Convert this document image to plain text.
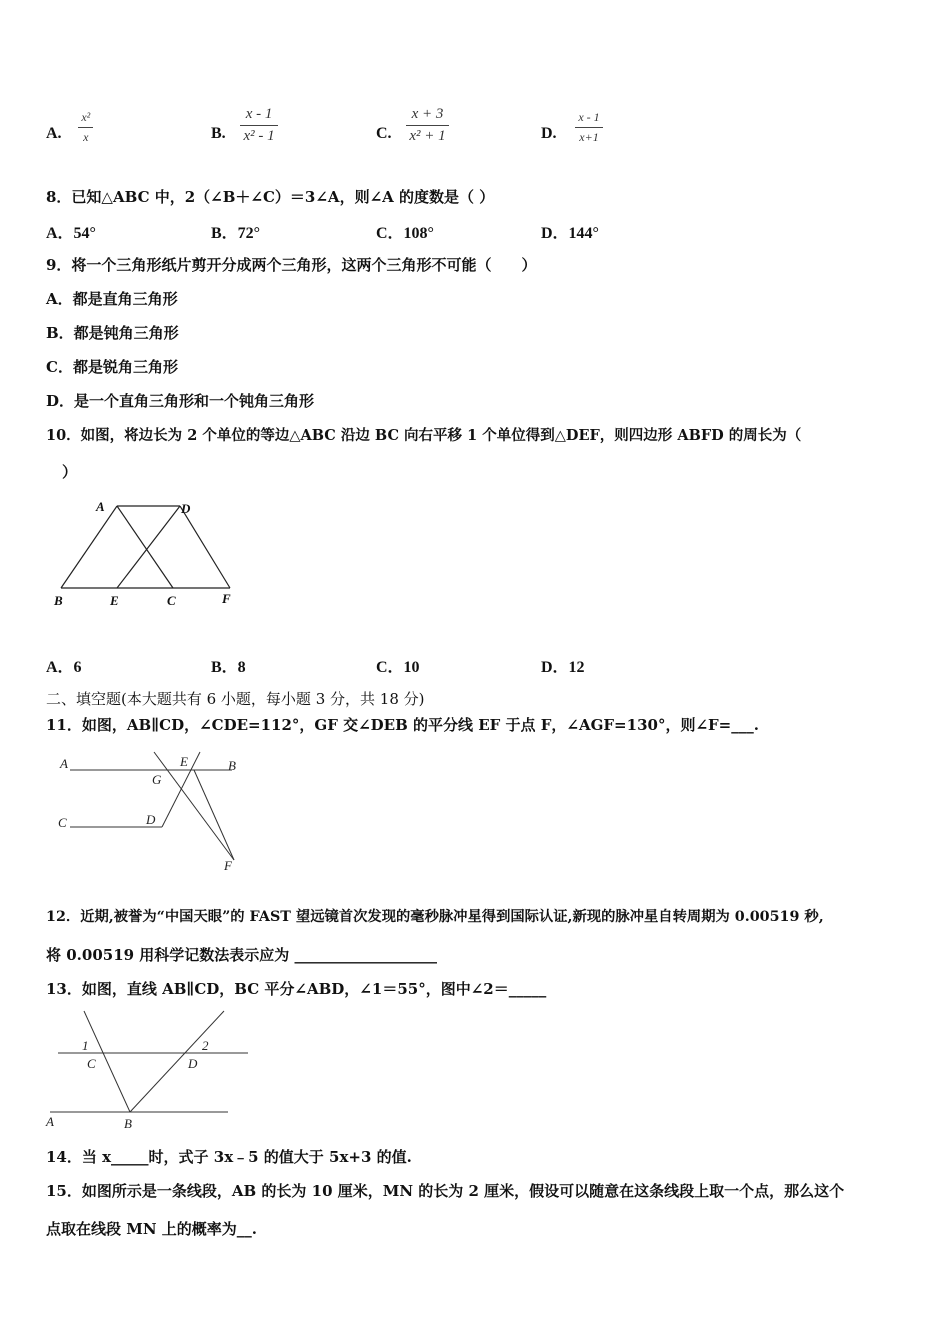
A. $\frac{\text{x²}}{x}$	B. $\frac{x - 1}{\text{x² - 1}}$	C. $\frac{x + 3}{\text{x² + 1}}$	D. $\frac{x - 1}{x+1}$
8．已知△ABC 中，2（∠B＋∠C）＝3∠A，则∠A 的度数是（ ）
A．54°	B．72°	C．108°	D．144°
9．将一个三角形纸片剪开分成两个三角形，这两个三角形不可能（　　）
A．都是直角三角形
B．都是钝角三角形
C．都是锐角三角形
D．是一个直角三角形和一个钝角三角形
10．如图，将边长为 2 个单位的等边△ABC 沿边 BC 向右平移 1 个单位得到△DEF，则四边形 ABFD 的周长为（
）
A	D
B	E	C	F
A．6	B．8	C．10	D．12
二、填空题(本大题共有 6 小题，每小题 3 分，共 18 分)
11．如图，AB∥CD，∠CDE=112°，GF 交∠DEB 的平分线 EF 于点 F，∠AGF=130°，则∠F=___.
A
G
E	B
C	D
F
12．近期,被誉为“中国天眼”的 FAST 望远镜首次发现的毫秒脉冲星得到国际认证,新现的脉冲星自转周期为 0.00519 秒,
将 0.00519 用科学记数法表示应为 ___________________
13．如图，直线 AB∥CD，BC 平分∠ABD，∠1＝55°，图中∠2＝_____
1
C
2
D
A	B
14．当 x_____时，式子 3x﹣5 的值大于 5x+3 的值.
15．如图所示是一条线段，AB 的长为 10 厘米，MN 的长为 2 厘米，假设可以随意在这条线段上取一个点，那么这个
点取在线段 MN 上的概率为__.
